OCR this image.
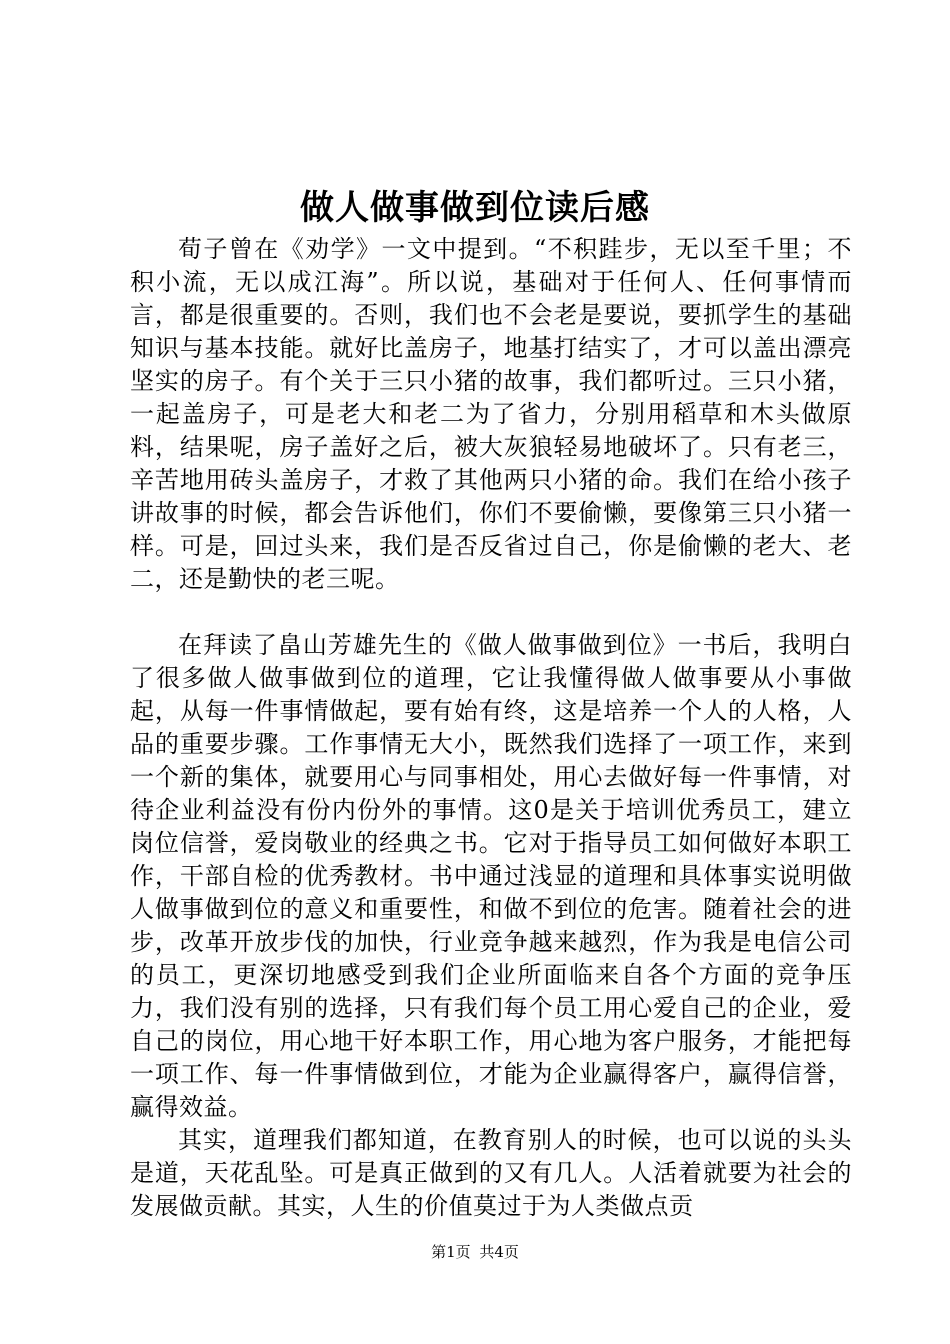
做人做事做到位读后感

荀子曾在《劝学》一文中提到。“不积跬步，无以至千里；不积小流，无以成江海”。所以说，基础对于任何人、任何事情而言，都是很重要的。否则，我们也不会老是要说，要抓学生的基础知识与基本技能。就好比盖房子，地基打结实了，才可以盖出漂亮坚实的房子。有个关于三只小猪的故事，我们都听过。三只小猪，一起盖房子，可是老大和老二为了省力，分别用稻草和木头做原料，结果呢，房子盖好之后，被大灰狼轻易地破坏了。只有老三，辛苦地用砖头盖房子，才救了其他两只小猪的命。我们在给小孩子讲故事的时候，都会告诉他们，你们不要偷懒，要像第三只小猪一样。可是，回过头来，我们是否反省过自己，你是偷懒的老大、老二，还是勤快的老三呢。

在拜读了畠山芳雄先生的《做人做事做到位》一书后，我明白了很多做人做事做到位的道理，它让我懂得做人做事要从小事做起，从每一件事情做起，要有始有终，这是培养一个人的人格，人品的重要步骤。工作事情无大小，既然我们选择了一项工作，来到一个新的集体，就要用心与同事相处，用心去做好每一件事情，对待企业利益没有份内份外的事情。这0是关于培训优秀员工，建立岗位信誉，爱岗敬业的经典之书。它对于指导员工如何做好本职工作，干部自检的优秀教材。书中通过浅显的道理和具体事实说明做人做事做到位的意义和重要性，和做不到位的危害。随着社会的进步，改革开放步伐的加快，行业竞争越来越烈，作为我是电信公司的员工，更深切地感受到我们企业所面临来自各个方面的竞争压力，我们没有别的选择，只有我们每个员工用心爱自己的企业，爱自己的岗位，用心地干好本职工作，用心地为客户服务，才能把每一项工作、每一件事情做到位，才能为企业赢得客户，赢得信誉，赢得效益。

其实，道理我们都知道，在教育别人的时候，也可以说的头头是道，天花乱坠。可是真正做到的又有几人。人活着就要为社会的发展做贡献。其实，人生的价值莫过于为人类做点贡

第1页 共4页
